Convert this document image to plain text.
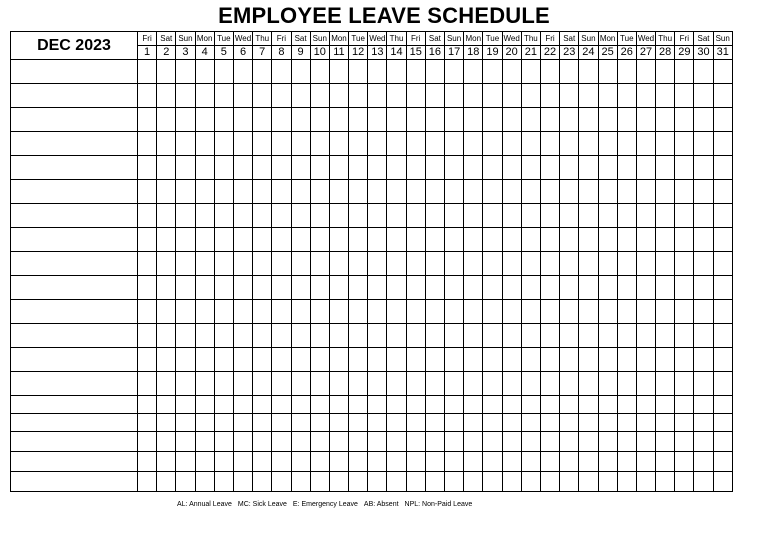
EMPLOYEE LEAVE SCHEDULE
DEC 2023	Fri	Sat	Sun	Mon	Tue	Wed	Thu	Fri	Sat	Sun	Mon	Tue	Wed	Thu	Fri	Sat	Sun	Mon	Tue	Wed	Thu	Fri	Sat	Sun	Mon	Tue	Wed	Thu	Fri	Sat	Sun
	1	2	3	4	5	6	7	8	9	10	11	12	13	14	15	16	17	18	19	20	21	22	23	24	25	26	27	28	29	30	31

AL: Annual Leave MC: Sick Leave E: Emergency Leave AB: Absent NPL: Non-Paid Leave
